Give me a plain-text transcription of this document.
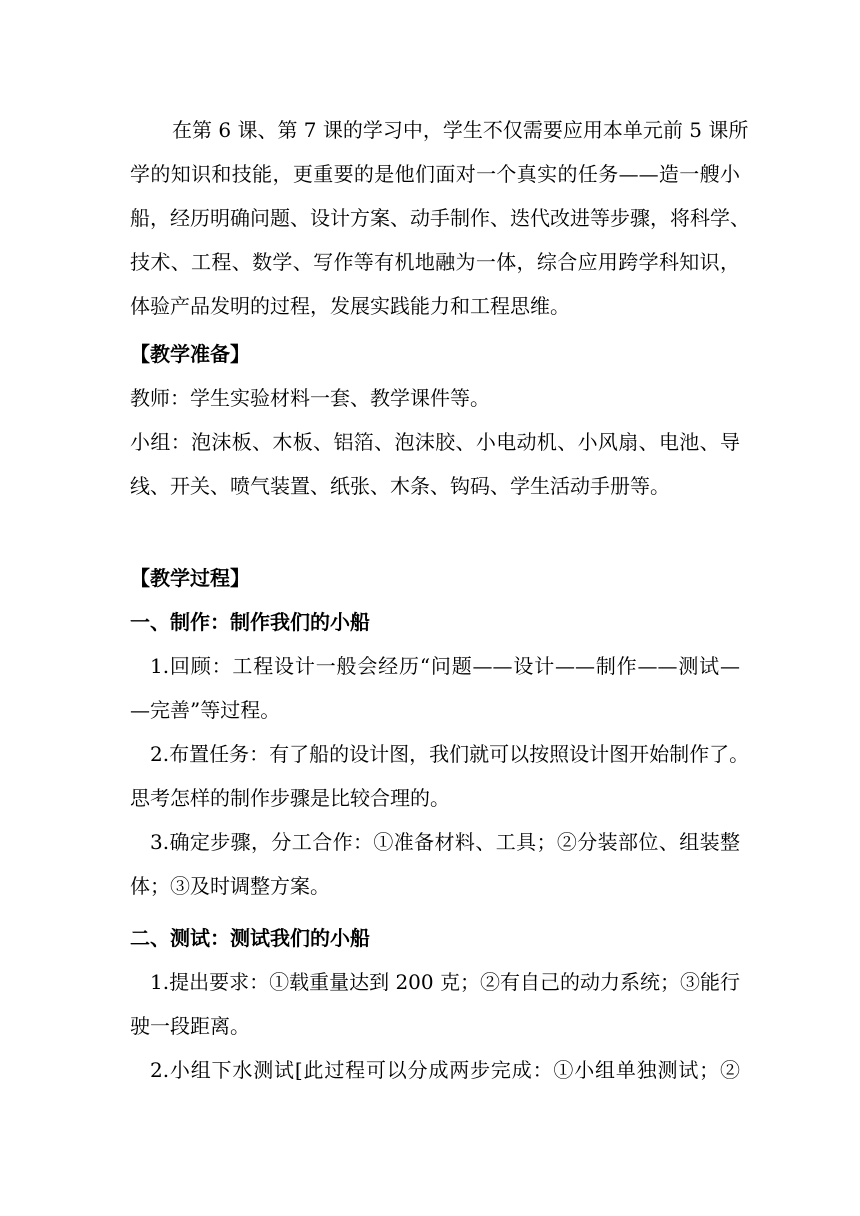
在第 6 课、第 7 课的学习中，学生不仅需要应用本单元前 5 课所
学的知识和技能，更重要的是他们面对一个真实的任务——造一艘小
船，经历明确问题、设计方案、动手制作、迭代改进等步骤，将科学、
技术、工程、数学、写作等有机地融为一体，综合应用跨学科知识，
体验产品发明的过程，发展实践能力和工程思维。
【教学准备】
教师：学生实验材料一套、教学课件等。
小组：泡沫板、木板、铝箔、泡沫胶、小电动机、小风扇、电池、导
线、开关、喷气装置、纸张、木条、钩码、学生活动手册等。
【教学过程】
一、制作：制作我们的小船
1.回顾：工程设计一般会经历“问题——设计——制作——测试—
—完善”等过程。
2.布置任务：有了船的设计图，我们就可以按照设计图开始制作了。
思考怎样的制作步骤是比较合理的。
3.确定步骤，分工合作：①准备材料、工具；②分装部位、组装整
体；③及时调整方案。
二、测试：测试我们的小船
1.提出要求：①载重量达到 200 克；②有自己的动力系统；③能行
驶一段距离。
2.小组下水测试[此过程可以分成两步完成：①小组单独测试；②
